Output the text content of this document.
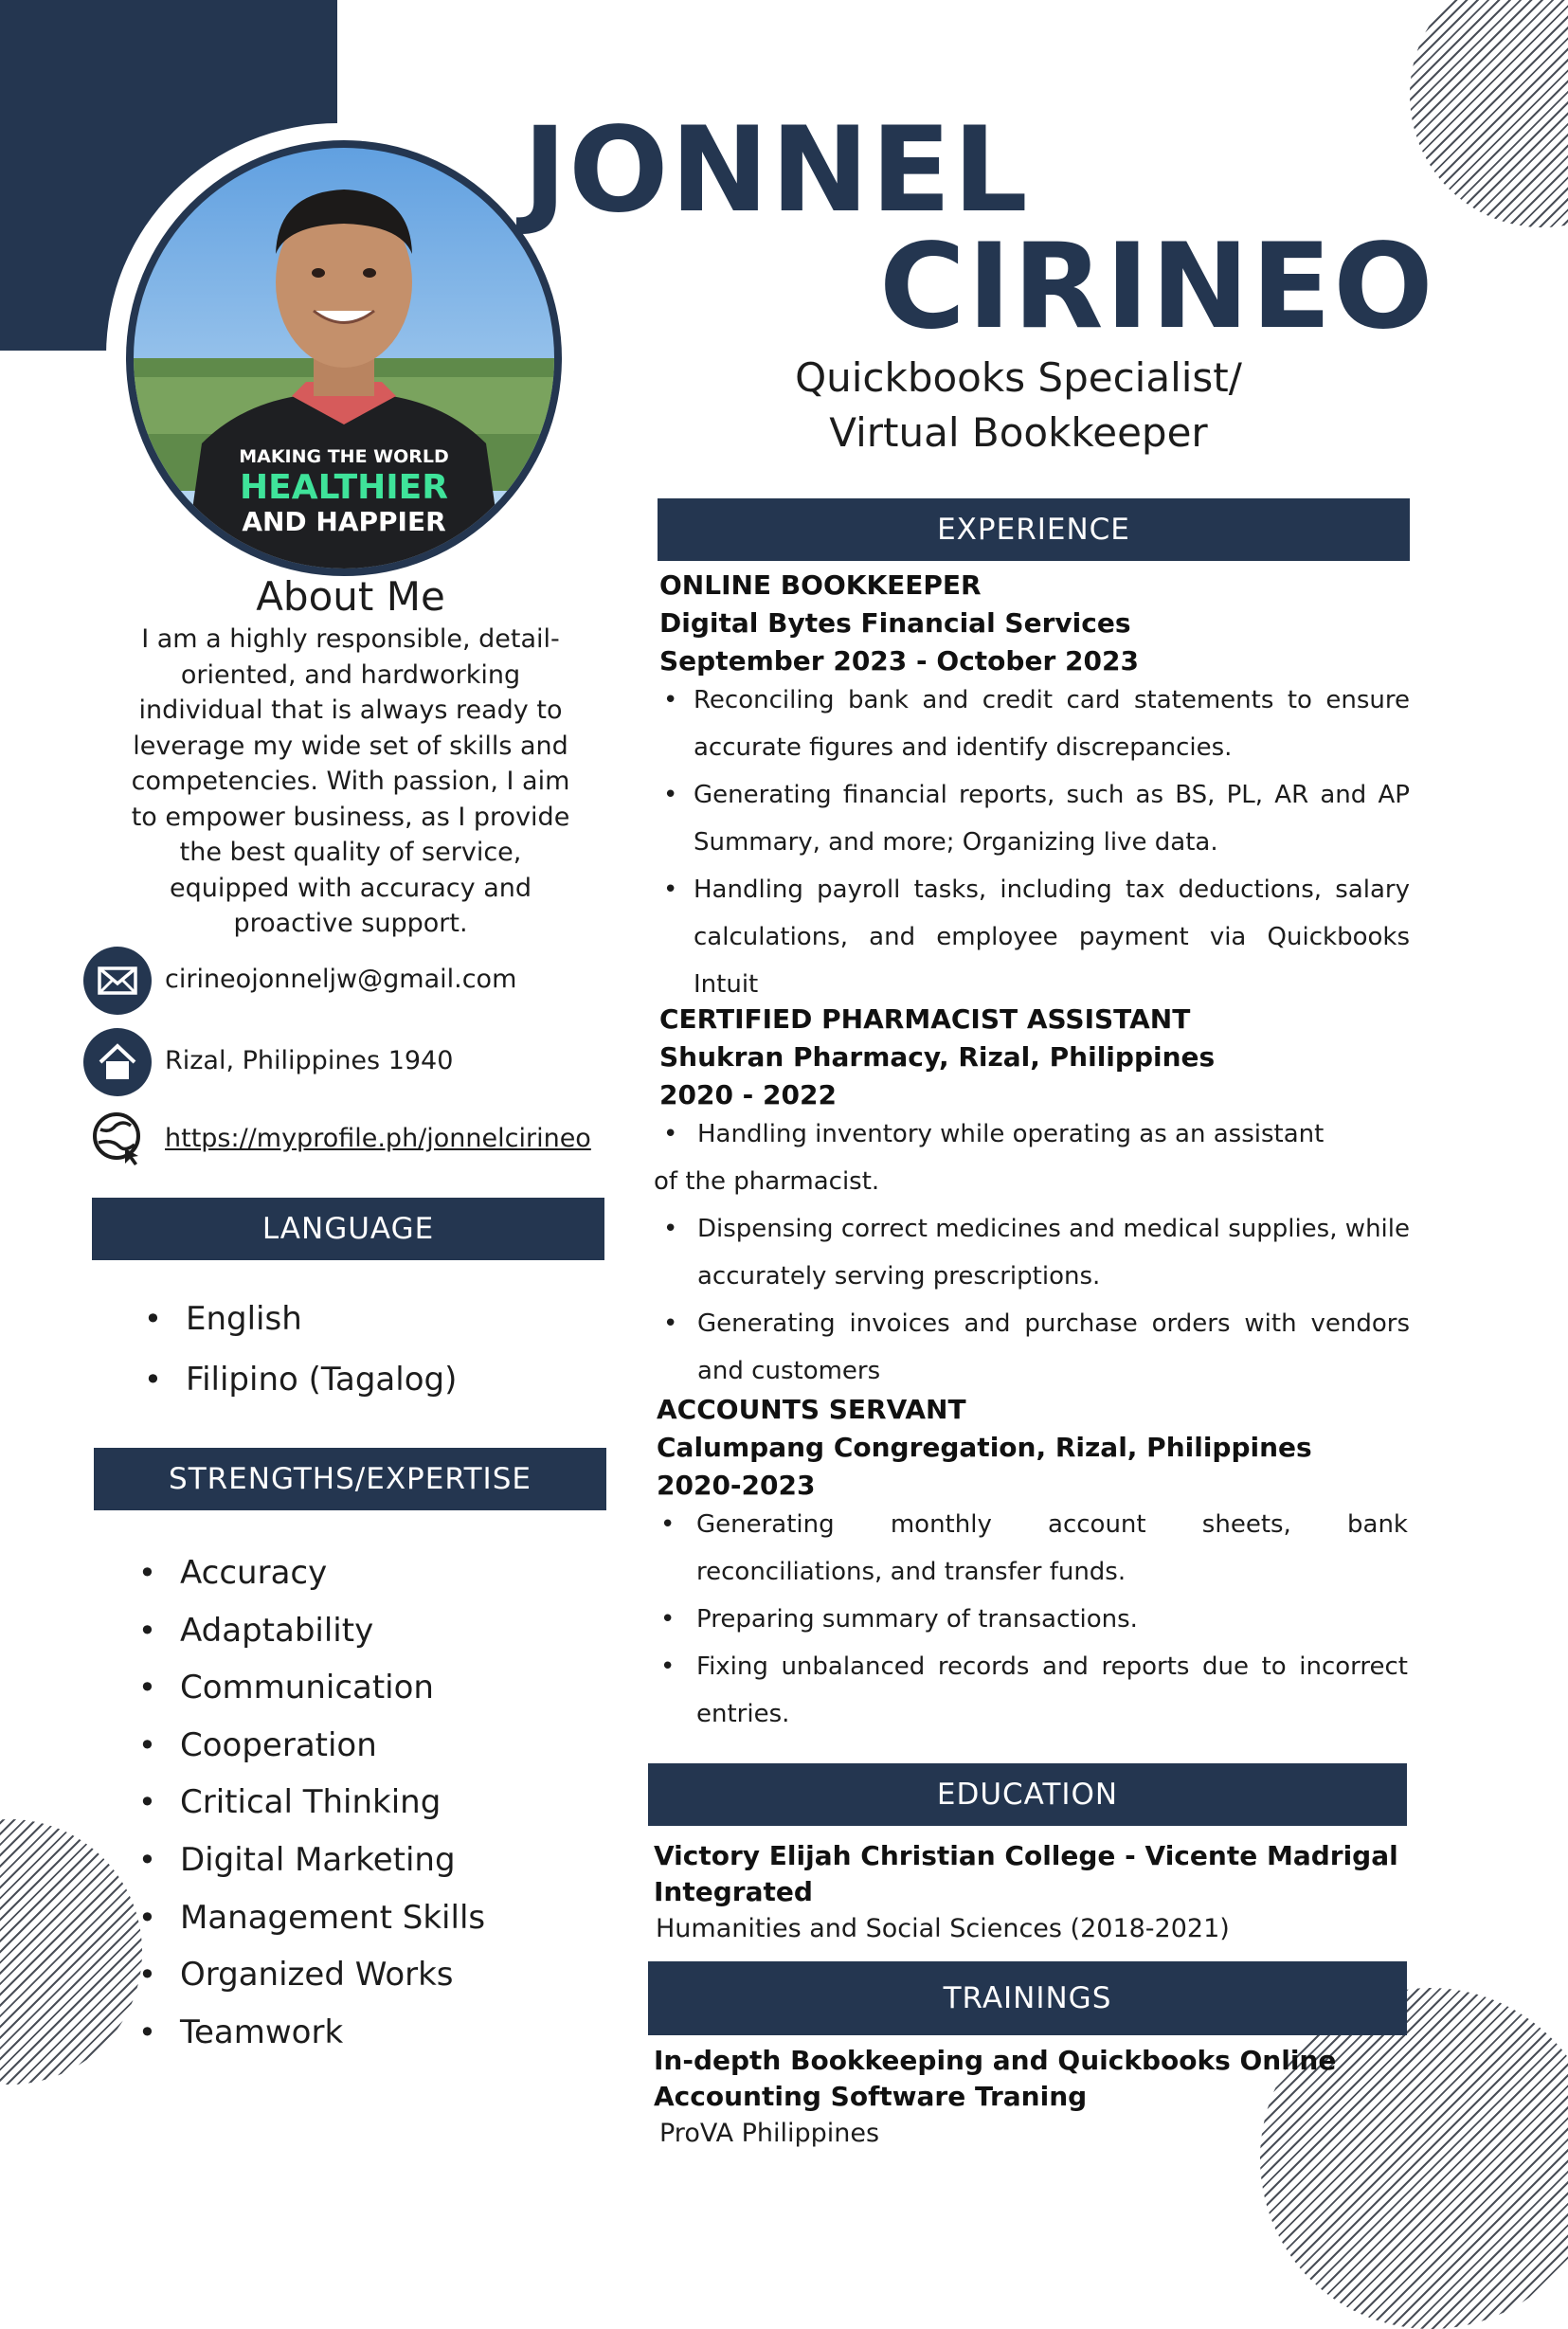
MAKING THE WORLD
HEALTHIER
AND HAPPIER
JONNEL
CIRINEO
Quickbooks Specialist/
Virtual Bookkeeper
About Me
I am a highly responsible, detail-
oriented, and hardworking
individual that is always ready to
leverage my wide set of skills and
competencies. With passion, I aim
to empower business, as I provide
the best quality of service,
equipped with accuracy and
proactive support.
cirineojonneljw@gmail.com
Rizal, Philippines 1940
https://myprofile.ph/jonnelcirineo
LANGUAGE
• English
• Filipino (Tagalog)
STRENGTHS/EXPERTISE
• Accuracy
• Adaptability
• Communication
• Cooperation
• Critical Thinking
• Digital Marketing
• Management Skills
• Organized Works
• Teamwork
EXPERIENCE
ONLINE BOOKKEEPER
Digital Bytes Financial Services
September 2023 - October 2023
• Reconciling bank and credit card statements to ensure accurate figures and identify discrepancies.
• Generating financial reports, such as BS, PL, AR and AP Summary, and more; Organizing live data.
• Handling payroll tasks, including tax deductions, salary calculations, and employee payment via Quickbooks Intuit
CERTIFIED PHARMACIST ASSISTANT
Shukran Pharmacy, Rizal, Philippines
2020 - 2022
• Handling inventory while operating as an assistant
of the pharmacist.
• Dispensing correct medicines and medical supplies, while accurately serving prescriptions.
• Generating invoices and purchase orders with vendors and customers
ACCOUNTS SERVANT
Calumpang Congregation, Rizal, Philippines
2020-2023
• Generating monthly account sheets, bank reconciliations, and transfer funds.
• Preparing summary of transactions.
• Fixing unbalanced records and reports due to incorrect entries.
EDUCATION
Victory Elijah Christian College - Vicente Madrigal
Integrated
Humanities and Social Sciences (2018-2021)
TRAININGS
In-depth Bookkeeping and Quickbooks Online
Accounting Software Traning
ProVA Philippines
